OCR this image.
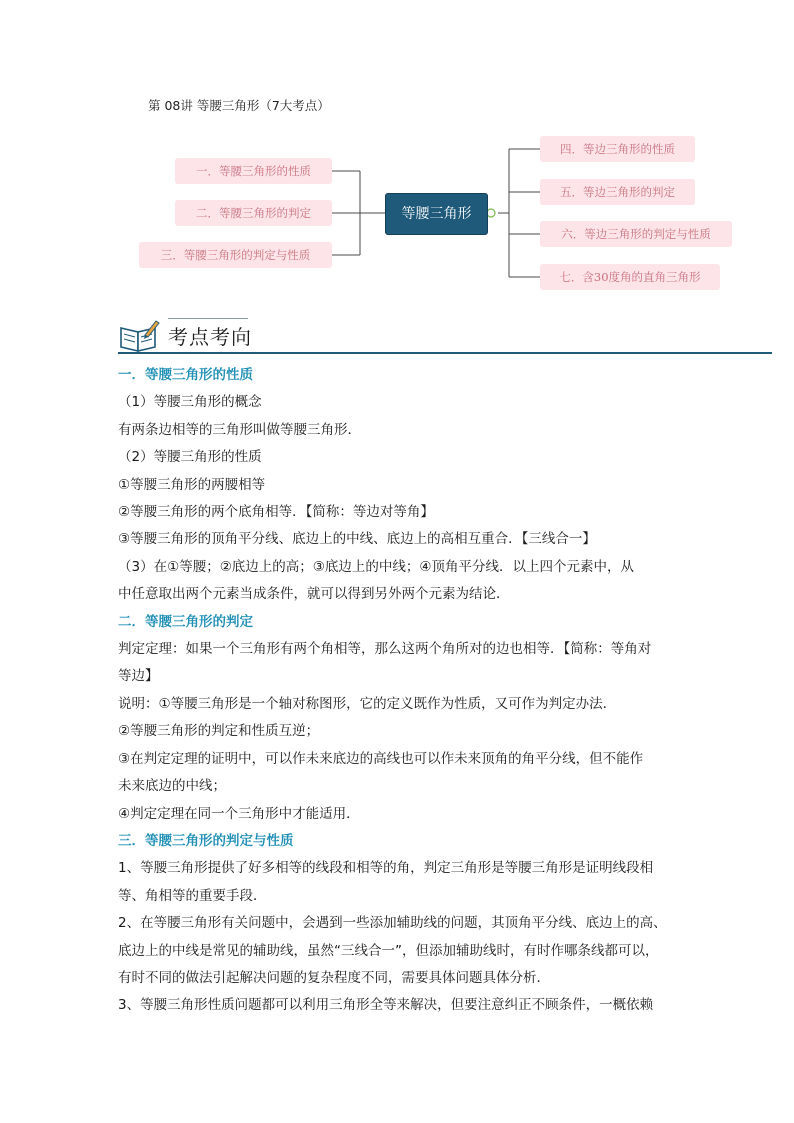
第 08讲 等腰三角形（7大考点）
一．等腰三角形的性质
二．等腰三角形的判定
三．等腰三角形的判定与性质
等腰三角形
四．等边三角形的性质
五．等边三角形的判定
六．等边三角形的判定与性质
七．含30度角的直角三角形
考点考向

一．等腰三角形的性质

（1）等腰三角形的概念

有两条边相等的三角形叫做等腰三角形．

（2）等腰三角形的性质

①等腰三角形的两腰相等

②等腰三角形的两个底角相等．【简称：等边对等角】

③等腰三角形的顶角平分线、底边上的中线、底边上的高相互重合．【三线合一】

（3）在①等腰；②底边上的高；③底边上的中线；④顶角平分线．以上四个元素中，从

中任意取出两个元素当成条件，就可以得到另外两个元素为结论．

二．等腰三角形的判定

判定定理：如果一个三角形有两个角相等，那么这两个角所对的边也相等．【简称：等角对

等边】

说明：①等腰三角形是一个轴对称图形，它的定义既作为性质，又可作为判定办法．

②等腰三角形的判定和性质互逆；

③在判定定理的证明中，可以作未来底边的高线也可以作未来顶角的角平分线，但不能作

未来底边的中线；

④判定定理在同一个三角形中才能适用．

三．等腰三角形的判定与性质

1、等腰三角形提供了好多相等的线段和相等的角，判定三角形是等腰三角形是证明线段相

等、角相等的重要手段．

2、在等腰三角形有关问题中，会遇到一些添加辅助线的问题，其顶角平分线、底边上的高、

底边上的中线是常见的辅助线，虽然“三线合一”，但添加辅助线时，有时作哪条线都可以，

有时不同的做法引起解决问题的复杂程度不同，需要具体问题具体分析．

3、等腰三角形性质问题都可以利用三角形全等来解决，但要注意纠正不顾条件，一概依赖
